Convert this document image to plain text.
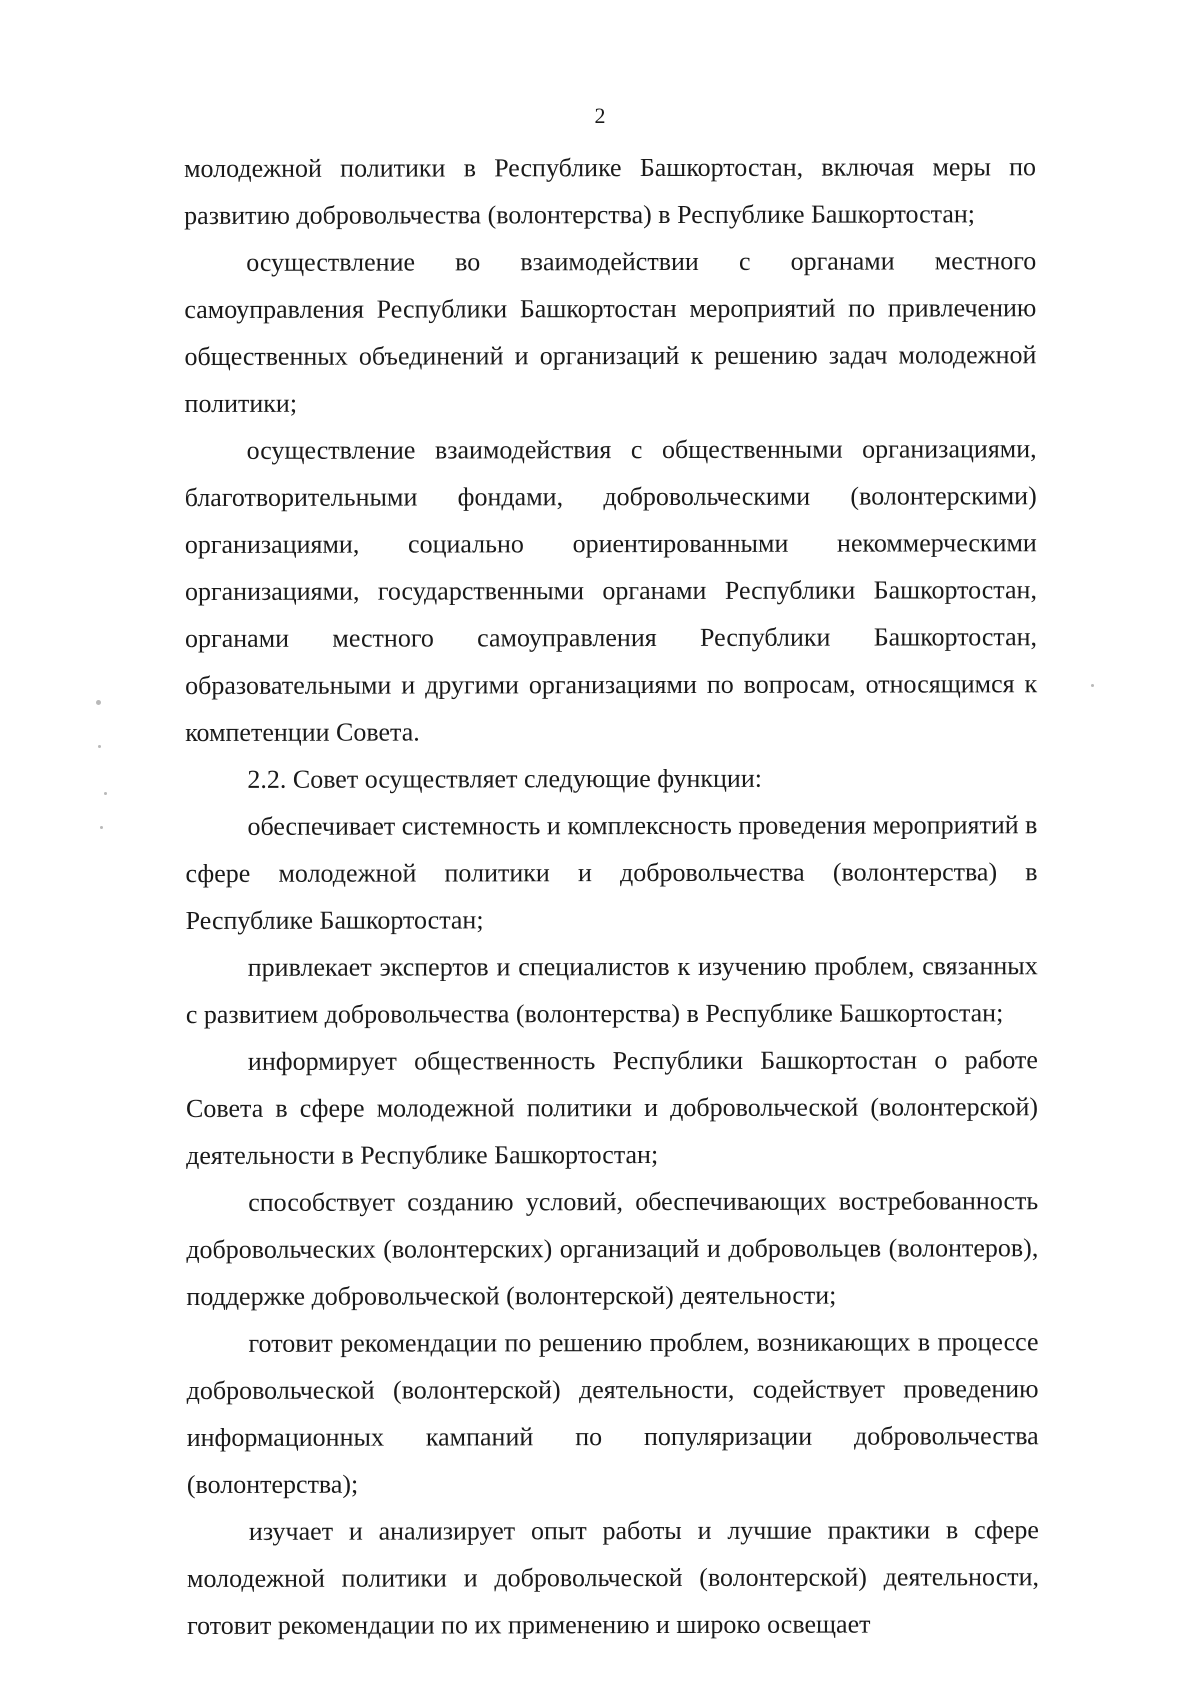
2

молодежной политики в Республике Башкортостан, включая меры по развитию добровольчества (волонтерства) в Республике Башкортостан;

осуществление во взаимодействии с органами местного самоуправления Республики Башкортостан мероприятий по привлечению общественных объединений и организаций к решению задач молодежной политики;

осуществление взаимодействия с общественными организациями, благотворительными фондами, добровольческими (волонтерскими) организациями, социально ориентированными некоммерческими организациями, государственными органами Республики Башкортостан, органами местного самоуправления Республики Башкортостан, образовательными и другими организациями по вопросам, относящимся к компетенции Совета.

2.2. Совет осуществляет следующие функции:

обеспечивает системность и комплексность проведения мероприятий в сфере молодежной политики и добровольчества (волонтерства) в Республике Башкортостан;

привлекает экспертов и специалистов к изучению проблем, связанных с развитием добровольчества (волонтерства) в Республике Башкортостан;

информирует общественность Республики Башкортостан о работе Совета в сфере молодежной политики и добровольческой (волонтерской) деятельности в Республике Башкортостан;

способствует созданию условий, обеспечивающих востребованность добровольческих (волонтерских) организаций и добровольцев (волонтеров), поддержке добровольческой (волонтерской) деятельности;

готовит рекомендации по решению проблем, возникающих в процессе добровольческой (волонтерской) деятельности, содействует проведению информационных кампаний по популяризации добровольчества (волонтерства);

изучает и анализирует опыт работы и лучшие практики в сфере молодежной политики и добровольческой (волонтерской) деятельности, готовит рекомендации по их применению и широко освещает
